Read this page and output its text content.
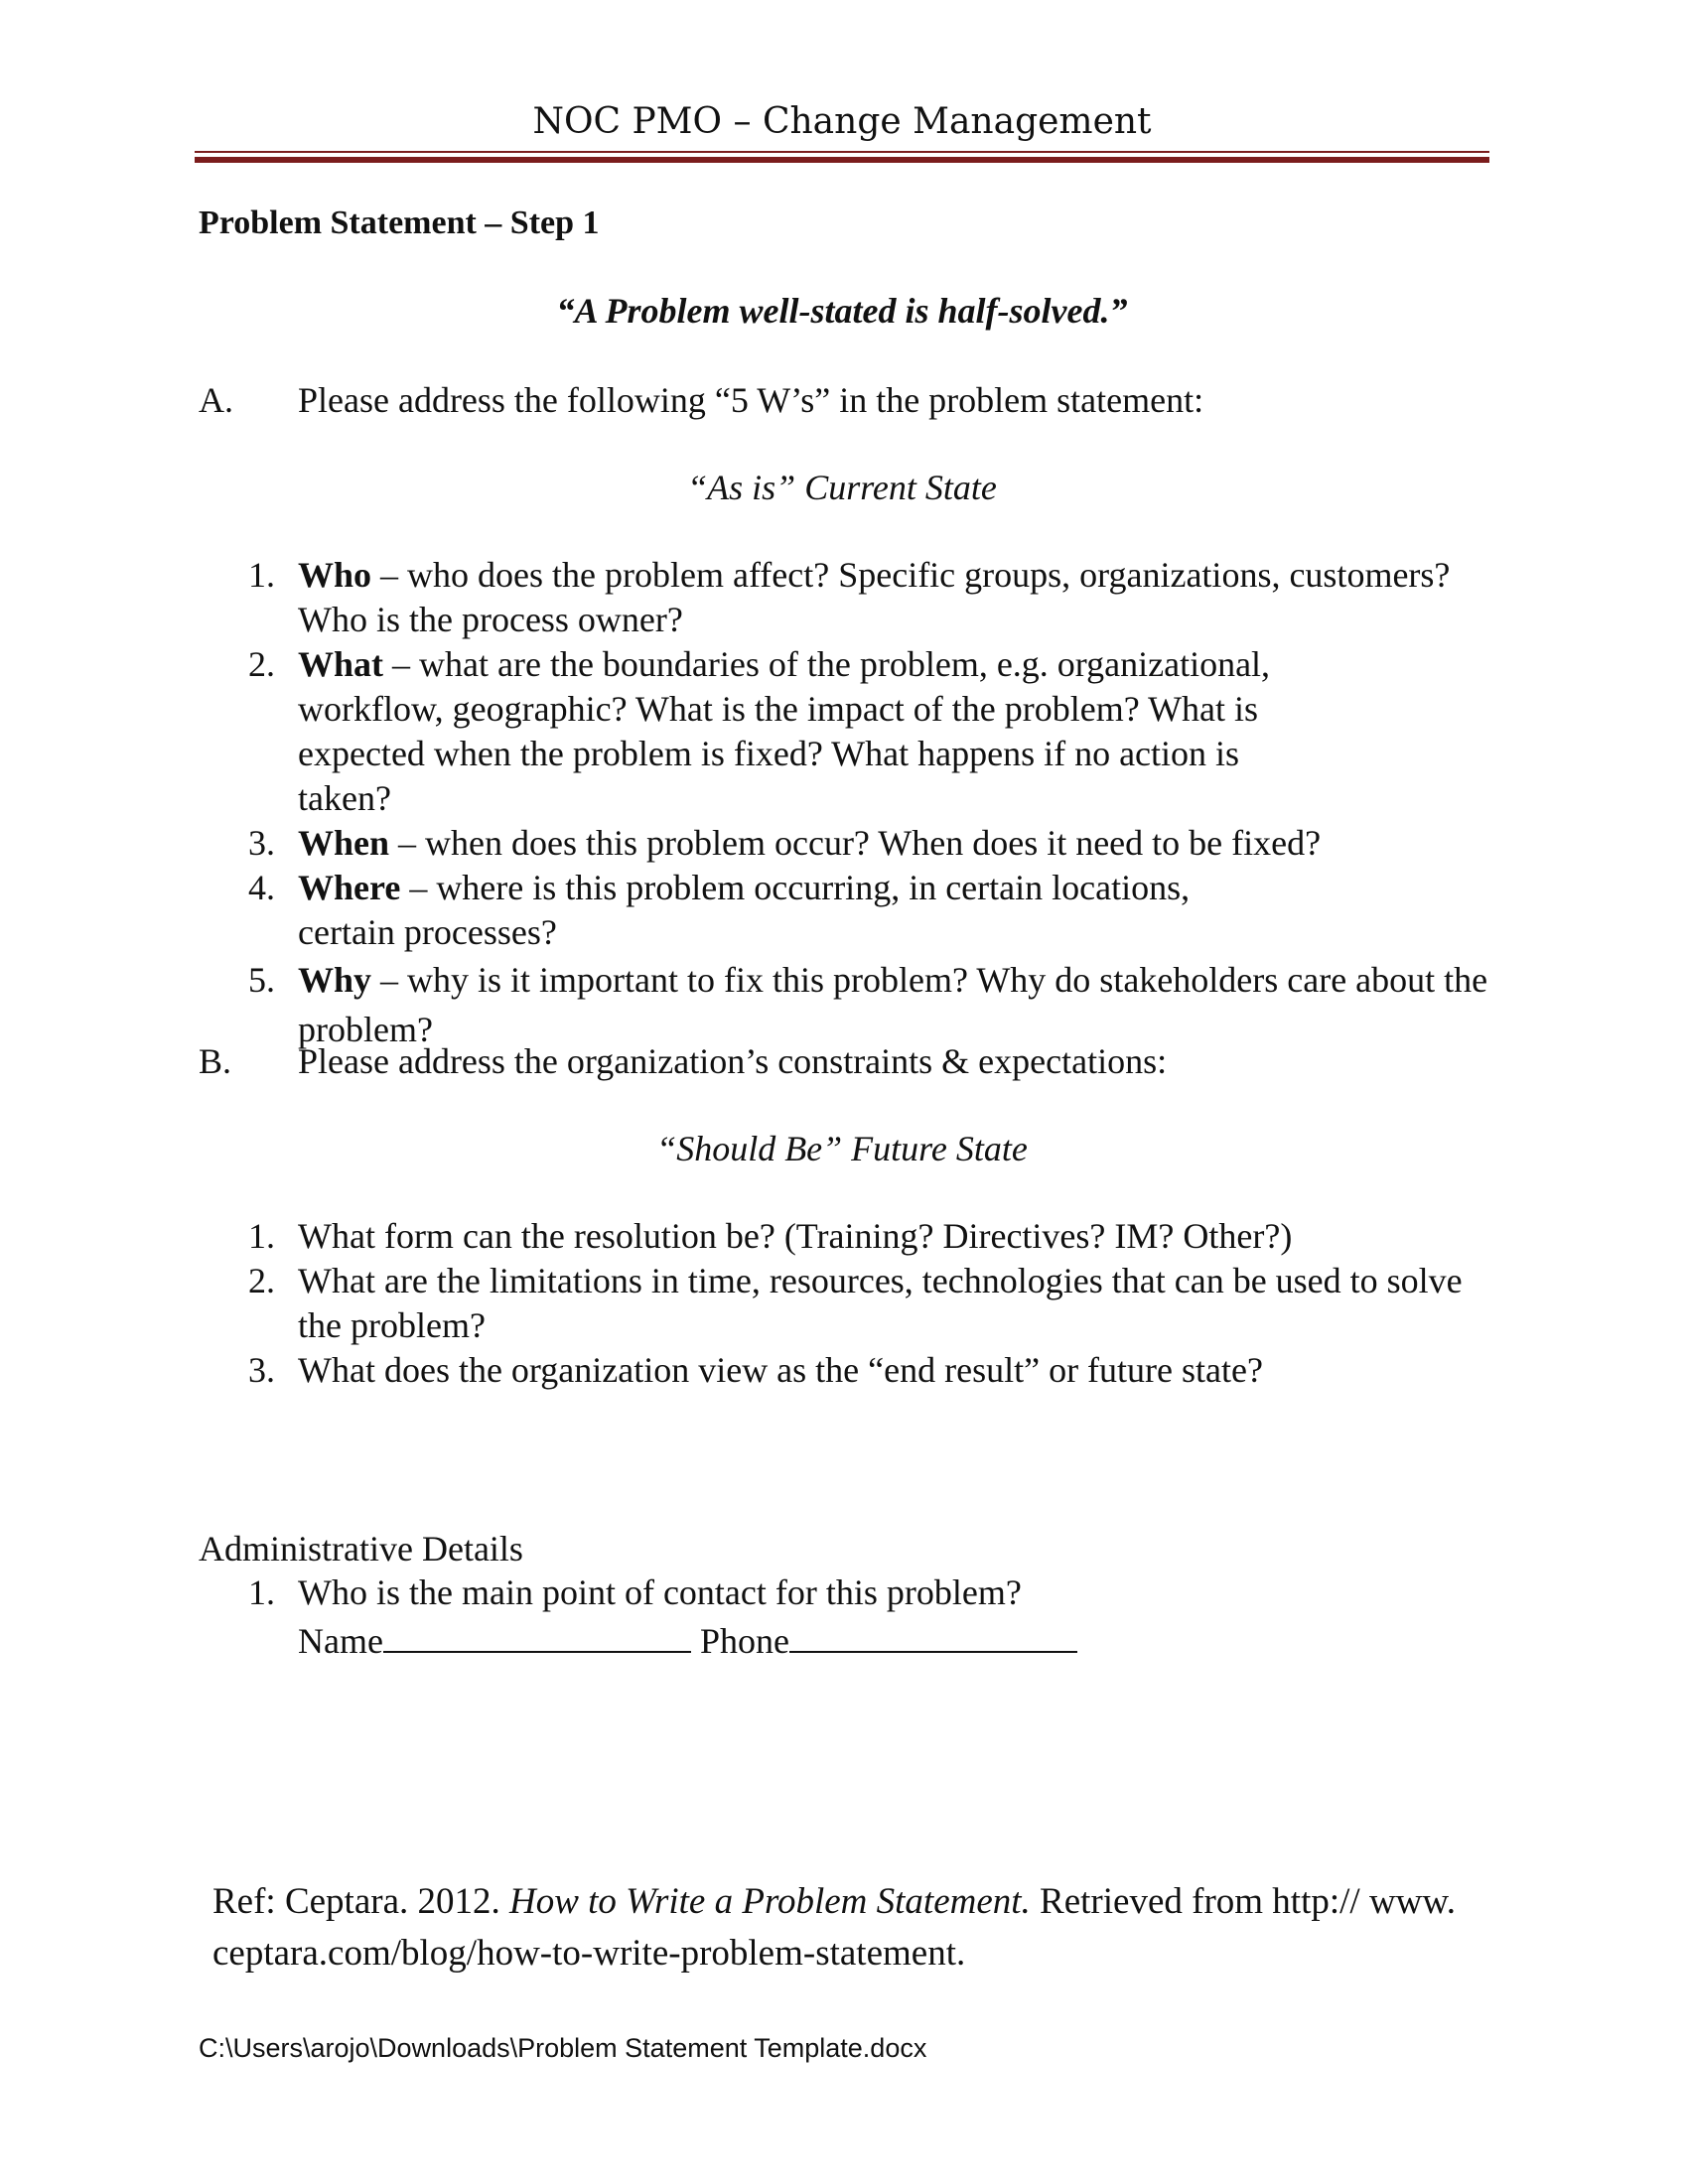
NOC PMO – Change Management
Problem Statement – Step 1
“A Problem well-stated is half-solved.”
A. Please address the following “5 W’s” in the problem statement:
“As is” Current State
1. Who – who does the problem affect? Specific groups, organizations, customers? Who is the process owner?
2. What – what are the boundaries of the problem, e.g. organizational, workflow, geographic? What is the impact of the problem? What is expected when the problem is fixed? What happens if no action is taken?
3. When – when does this problem occur? When does it need to be fixed?
4. Where – where is this problem occurring, in certain locations, certain processes?
5. Why – why is it important to fix this problem? Why do stakeholders care about the problem?
B. Please address the organization’s constraints & expectations:
“Should Be” Future State
1. What form can the resolution be? (Training? Directives? IM? Other?)
2. What are the limitations in time, resources, technologies that can be used to solve the problem?
3. What does the organization view as the “end result” or future state?
Administrative Details
1. Who is the main point of contact for this problem?
Name	Phone
Ref: Ceptara. 2012. How to Write a Problem Statement. Retrieved from http:// www. ceptara.com/blog/how-to-write-problem-statement.
C:\Users\arojo\Downloads\Problem Statement Template.docx
